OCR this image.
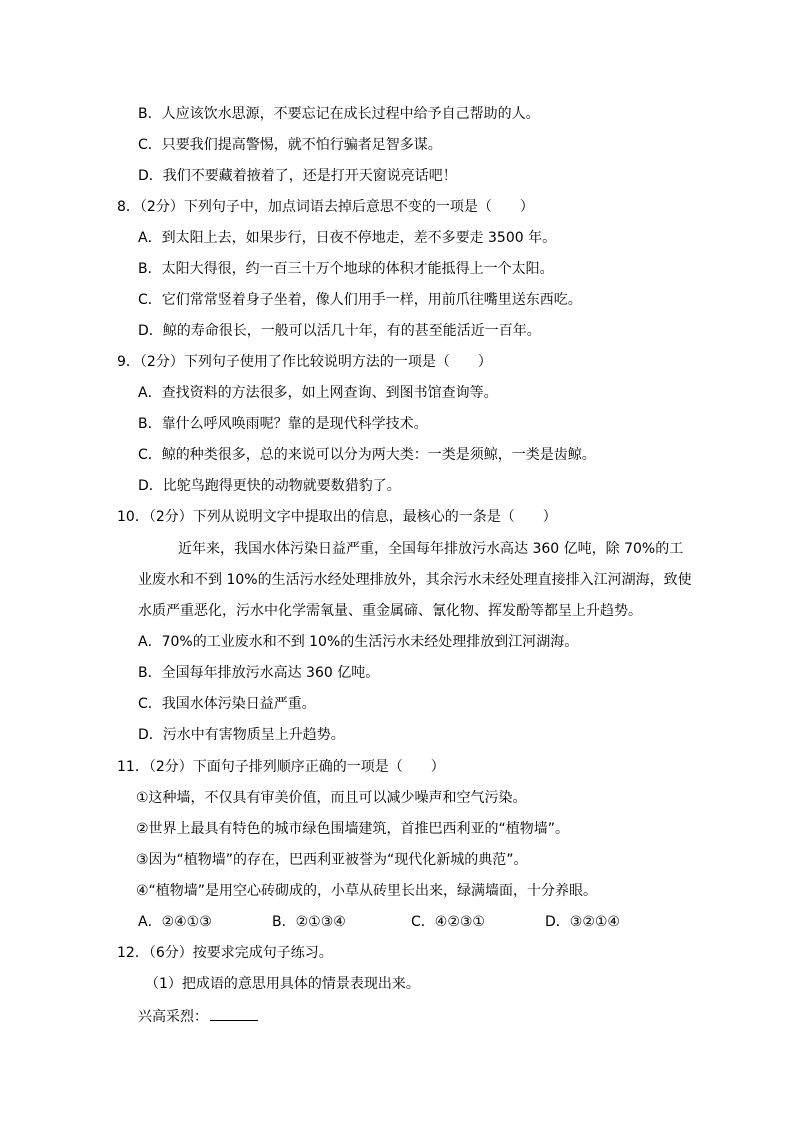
B．人应该饮水思源，不要忘记在成长过程中给予自己帮助的人。
C．只要我们提高警惕，就不怕行骗者足智多谋。
D．我们不要藏着掖着了，还是打开天窗说亮话吧！
8．（2分）下列句子中，加点词语去掉后意思不变的一项是（　　）
A．到太阳上去，如果步行，日夜不停地走，差不多要走 3500 年。
B．太阳大得很，约一百三十万个地球的体积才能抵得上一个太阳。
C．它们常常竖着身子坐着，像人们用手一样，用前爪往嘴里送东西吃。
D．鲸的寿命很长，一般可以活几十年，有的甚至能活近一百年。
9．（2分）下列句子使用了作比较说明方法的一项是（　　）
A．查找资料的方法很多，如上网查询、到图书馆查询等。
B．靠什么呼风唤雨呢？靠的是现代科学技术。
C．鲸的种类很多，总的来说可以分为两大类：一类是须鲸，一类是齿鲸。
D．比鸵鸟跑得更快的动物就要数猎豹了。
10．（2分）下列从说明文字中提取出的信息，最核心的一条是（　　）
近年来，我国水体污染日益严重，全国每年排放污水高达 360 亿吨，除 70%的工
业废水和不到 10%的生活污水经处理排放外，其余污水未经处理直接排入江河湖海，致使
水质严重恶化，污水中化学需氧量、重金属碲、氰化物、挥发酚等都呈上升趋势。
A．70%的工业废水和不到 10%的生活污水未经处理排放到江河湖海。
B．全国每年排放污水高达 360 亿吨。
C．我国水体污染日益严重。
D．污水中有害物质呈上升趋势。
11．（2分）下面句子排列顺序正确的一项是（　　）
①这种墙，不仅具有审美价值，而且可以减少噪声和空气污染。
②世界上最具有特色的城市绿色围墙建筑，首推巴西利亚的“植物墙”。
③因为“植物墙”的存在，巴西利亚被誉为“现代化新城的典范”。
④“植物墙”是用空心砖砌成的，小草从砖里长出来，绿满墙面，十分养眼。
A．②④①③	B．②①③④	C．④②③①	D．③②①④
12．（6分）按要求完成句子练习。
（1）把成语的意思用具体的情景表现出来。
兴高采烈：
